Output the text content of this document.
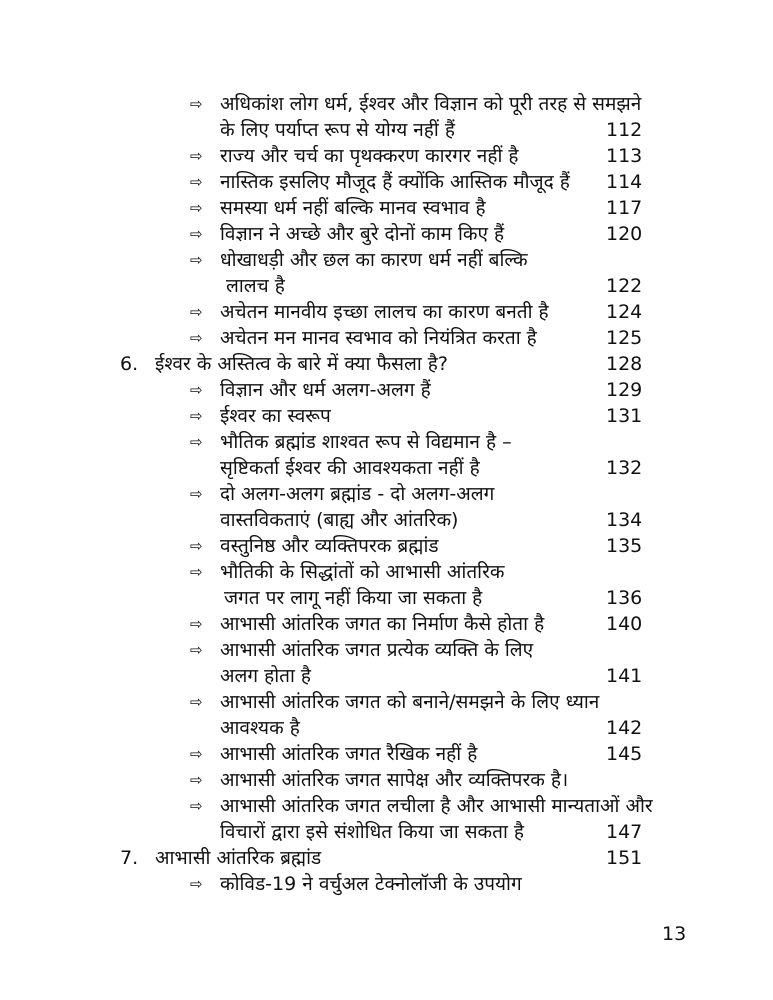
⇨ अधिकांश लोग धर्म, ईश्वर और विज्ञान को पूरी तरह से समझने
के लिए पर्याप्त रूप से योग्य नहीं हैं	112
⇨ राज्य और चर्च का पृथक्करण कारगर नहीं है	113
⇨ नास्तिक इसलिए मौजूद हैं क्योंकि आस्तिक मौजूद हैं 114
⇨ समस्या धर्म नहीं बल्कि मानव स्वभाव है	117
⇨ विज्ञान ने अच्छे और बुरे दोनों काम किए हैं	120
⇨ धोखाधड़ी और छल का कारण धर्म नहीं बल्कि
लालच है	122
⇨ अचेतन मानवीय इच्छा लालच का कारण बनती है	124
⇨ अचेतन मन मानव स्वभाव को नियंत्रित करता है	125
6. ईश्वर के अस्तित्व के बारे में क्या फैसला है?	128
⇨ विज्ञान और धर्म अलग-अलग हैं	129
⇨ ईश्वर का स्वरूप	131
⇨ भौतिक ब्रह्मांड शाश्वत रूप से विद्यमान है –
सृष्टिकर्ता ईश्वर की आवश्यकता नहीं है	132
⇨ दो अलग-अलग ब्रह्मांड - दो अलग-अलग
वास्तविकताएं (बाह्य और आंतरिक)	134
⇨ वस्तुनिष्ठ और व्यक्तिपरक ब्रह्मांड	135
⇨ भौतिकी के सिद्धांतों को आभासी आंतरिक
जगत पर लागू नहीं किया जा सकता है	136
⇨ आभासी आंतरिक जगत का निर्माण कैसे होता है	140
⇨ आभासी आंतरिक जगत प्रत्येक व्यक्ति के लिए
अलग होता है	141
⇨ आभासी आंतरिक जगत को बनाने/समझने के लिए ध्यान
आवश्यक है	142
⇨ आभासी आंतरिक जगत रैखिक नहीं है	145
⇨ आभासी आंतरिक जगत सापेक्ष और व्यक्तिपरक है।
⇨ आभासी आंतरिक जगत लचीला है और आभासी मान्यताओं और
विचारों द्वारा इसे संशोधित किया जा सकता है	147
7. आभासी आंतरिक ब्रह्मांड	151
⇨ कोविड-19 ने वर्चुअल टेक्नोलॉजी के उपयोग
13
